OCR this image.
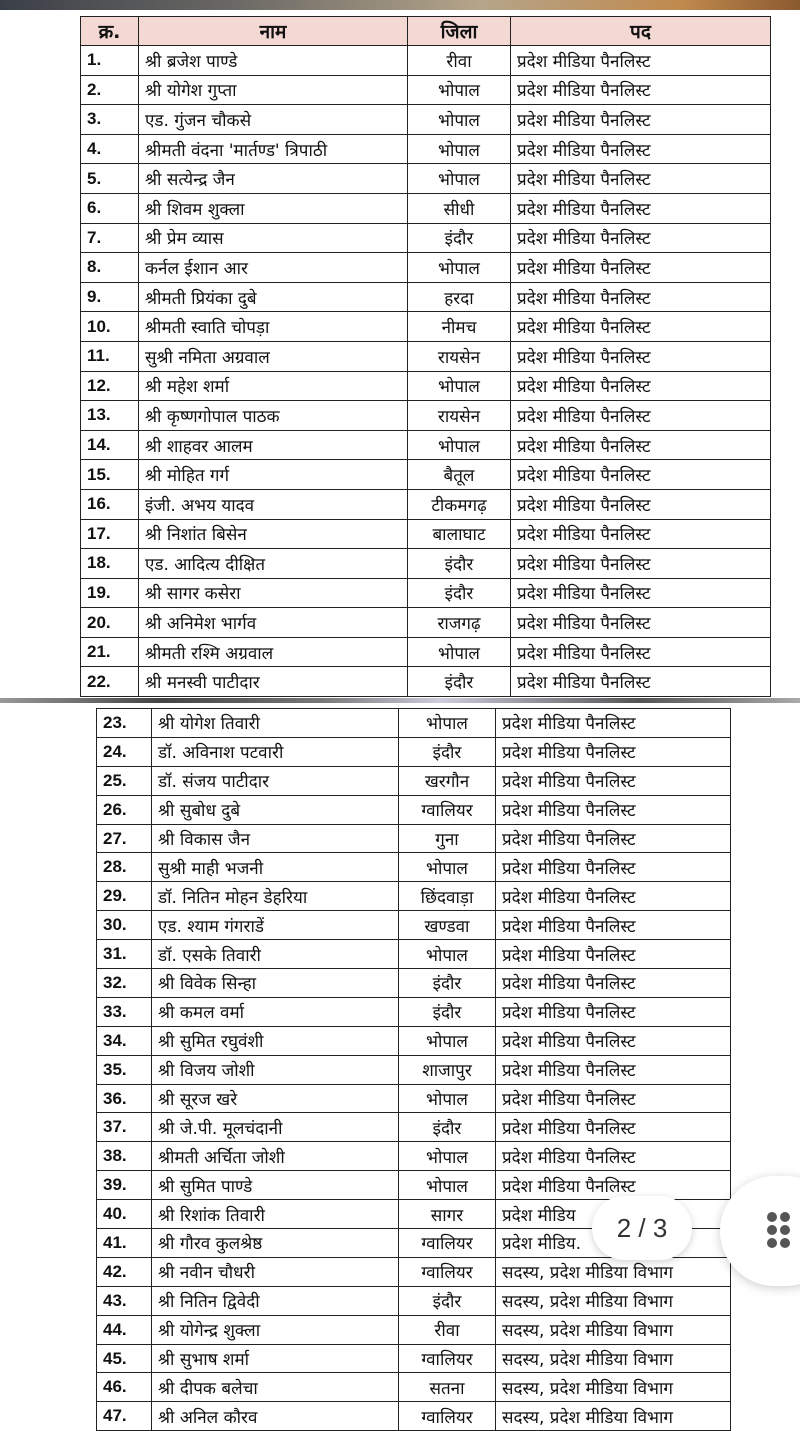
क्र.	नाम	जिला	पद
1.	श्री ब्रजेश पाण्डे	रीवा	प्रदेश मीडिया पैनलिस्ट
2.	श्री योगेश गुप्ता	भोपाल	प्रदेश मीडिया पैनलिस्ट
3.	एड. गुंजन चौकसे	भोपाल	प्रदेश मीडिया पैनलिस्ट
4.	श्रीमती वंदना 'मार्तण्ड' त्रिपाठी	भोपाल	प्रदेश मीडिया पैनलिस्ट
5.	श्री सत्येन्द्र जैन	भोपाल	प्रदेश मीडिया पैनलिस्ट
6.	श्री शिवम शुक्ला	सीधी	प्रदेश मीडिया पैनलिस्ट
7.	श्री प्रेम व्यास	इंदौर	प्रदेश मीडिया पैनलिस्ट
8.	कर्नल ईशान आर	भोपाल	प्रदेश मीडिया पैनलिस्ट
9.	श्रीमती प्रियंका दुबे	हरदा	प्रदेश मीडिया पैनलिस्ट
10.	श्रीमती स्वाति चोपड़ा	नीमच	प्रदेश मीडिया पैनलिस्ट
11.	सुश्री नमिता अग्रवाल	रायसेन	प्रदेश मीडिया पैनलिस्ट
12.	श्री महेश शर्मा	भोपाल	प्रदेश मीडिया पैनलिस्ट
13.	श्री कृष्णगोपाल पाठक	रायसेन	प्रदेश मीडिया पैनलिस्ट
14.	श्री शाहवर आलम	भोपाल	प्रदेश मीडिया पैनलिस्ट
15.	श्री मोहित गर्ग	बैतूल	प्रदेश मीडिया पैनलिस्ट
16.	इंजी. अभय यादव	टीकमगढ़	प्रदेश मीडिया पैनलिस्ट
17.	श्री निशांत बिसेन	बालाघाट	प्रदेश मीडिया पैनलिस्ट
18.	एड. आदित्य दीक्षित	इंदौर	प्रदेश मीडिया पैनलिस्ट
19.	श्री सागर कसेरा	इंदौर	प्रदेश मीडिया पैनलिस्ट
20.	श्री अनिमेश भार्गव	राजगढ़	प्रदेश मीडिया पैनलिस्ट
21.	श्रीमती रश्मि अग्रवाल	भोपाल	प्रदेश मीडिया पैनलिस्ट
22.	श्री मनस्वी पाटीदार	इंदौर	प्रदेश मीडिया पैनलिस्ट
23.	श्री योगेश तिवारी	भोपाल	प्रदेश मीडिया पैनलिस्ट
24.	डॉ. अविनाश पटवारी	इंदौर	प्रदेश मीडिया पैनलिस्ट
25.	डॉ. संजय पाटीदार	खरगौन	प्रदेश मीडिया पैनलिस्ट
26.	श्री सुबोध दुबे	ग्वालियर	प्रदेश मीडिया पैनलिस्ट
27.	श्री विकास जैन	गुना	प्रदेश मीडिया पैनलिस्ट
28.	सुश्री माही भजनी	भोपाल	प्रदेश मीडिया पैनलिस्ट
29.	डॉ. नितिन मोहन डेहरिया	छिंदवाड़ा	प्रदेश मीडिया पैनलिस्ट
30.	एड. श्याम गंगराडें	खण्डवा	प्रदेश मीडिया पैनलिस्ट
31.	डॉ. एसके तिवारी	भोपाल	प्रदेश मीडिया पैनलिस्ट
32.	श्री विवेक सिन्हा	इंदौर	प्रदेश मीडिया पैनलिस्ट
33.	श्री कमल वर्मा	इंदौर	प्रदेश मीडिया पैनलिस्ट
34.	श्री सुमित रघुवंशी	भोपाल	प्रदेश मीडिया पैनलिस्ट
35.	श्री विजय जोशी	शाजापुर	प्रदेश मीडिया पैनलिस्ट
36.	श्री सूरज खरे	भोपाल	प्रदेश मीडिया पैनलिस्ट
37.	श्री जे.पी. मूलचंदानी	इंदौर	प्रदेश मीडिया पैनलिस्ट
38.	श्रीमती अर्चिता जोशी	भोपाल	प्रदेश मीडिया पैनलिस्ट
39.	श्री सुमित पाण्डे	भोपाल	प्रदेश मीडिया पैनलिस्ट
40.	श्री रिशांक तिवारी	सागर	प्रदेश मीडिय
41.	श्री गौरव कुलश्रेष्ठ	ग्वालियर	प्रदेश मीडिय.
42.	श्री नवीन चौधरी	ग्वालियर	सदस्य, प्रदेश मीडिया विभाग
43.	श्री नितिन द्विवेदी	इंदौर	सदस्य, प्रदेश मीडिया विभाग
44.	श्री योगेन्द्र शुक्ला	रीवा	सदस्य, प्रदेश मीडिया विभाग
45.	श्री सुभाष शर्मा	ग्वालियर	सदस्य, प्रदेश मीडिया विभाग
46.	श्री दीपक बलेचा	सतना	सदस्य, प्रदेश मीडिया विभाग
47.	श्री अनिल कौरव	ग्वालियर	सदस्य, प्रदेश मीडिया विभाग
2 / 3
